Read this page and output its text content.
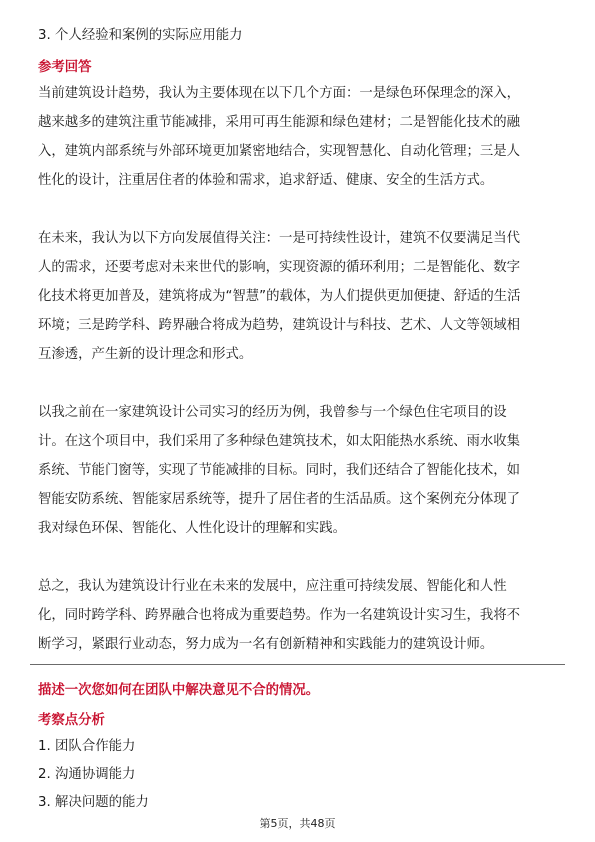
3. 个人经验和案例的实际应用能力
参考回答
当前建筑设计趋势，我认为主要体现在以下几个方面：一是绿色环保理念的深入，
越来越多的建筑注重节能减排，采用可再生能源和绿色建材；二是智能化技术的融
入，建筑内部系统与外部环境更加紧密地结合，实现智慧化、自动化管理；三是人
性化的设计，注重居住者的体验和需求，追求舒适、健康、安全的生活方式。
在未来，我认为以下方向发展值得关注：一是可持续性设计，建筑不仅要满足当代
人的需求，还要考虑对未来世代的影响，实现资源的循环利用；二是智能化、数字
化技术将更加普及，建筑将成为“智慧”的载体，为人们提供更加便捷、舒适的生活
环境；三是跨学科、跨界融合将成为趋势，建筑设计与科技、艺术、人文等领域相
互渗透，产生新的设计理念和形式。
以我之前在一家建筑设计公司实习的经历为例，我曾参与一个绿色住宅项目的设
计。在这个项目中，我们采用了多种绿色建筑技术，如太阳能热水系统、雨水收集
系统、节能门窗等，实现了节能减排的目标。同时，我们还结合了智能化技术，如
智能安防系统、智能家居系统等，提升了居住者的生活品质。这个案例充分体现了
我对绿色环保、智能化、人性化设计的理解和实践。
总之，我认为建筑设计行业在未来的发展中，应注重可持续发展、智能化和人性
化，同时跨学科、跨界融合也将成为重要趋势。作为一名建筑设计实习生，我将不
断学习，紧跟行业动态，努力成为一名有创新精神和实践能力的建筑设计师。
描述一次您如何在团队中解决意见不合的情况。
考察点分析
1. 团队合作能力
2. 沟通协调能力
3. 解决问题的能力
第5页，共48页
